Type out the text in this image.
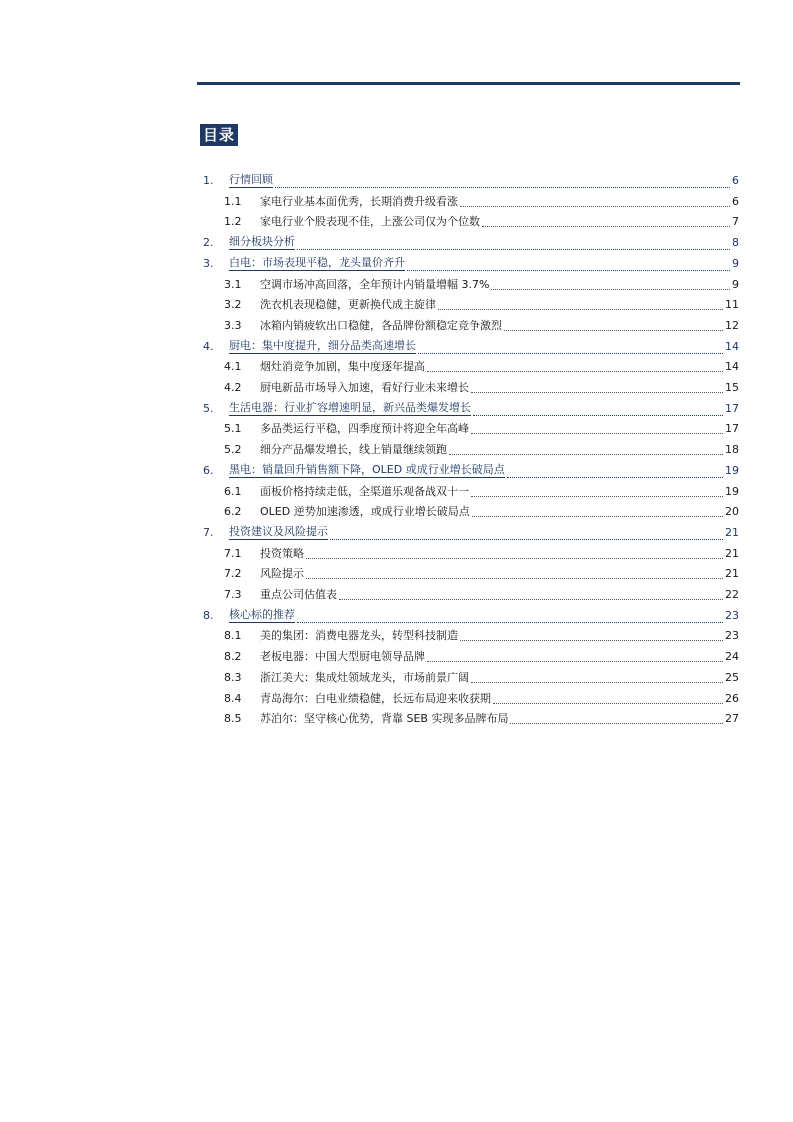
目录
1.	行情回顾	6
1.1	家电行业基本面优秀，长期消费升级看涨	6
1.2	家电行业个股表现不佳，上涨公司仅为个位数	7
2.	细分板块分析	8
3.	白电：市场表现平稳，龙头量价齐升	9
3.1	空调市场冲高回落，全年预计内销量增幅 3.7%	9
3.2	洗衣机表现稳健，更新换代成主旋律	11
3.3	冰箱内销疲软出口稳健，各品牌份额稳定竞争激烈	12
4.	厨电：集中度提升，细分品类高速增长	14
4.1	烟灶消竞争加剧，集中度逐年提高	14
4.2	厨电新品市场导入加速，看好行业未来增长	15
5.	生活电器：行业扩容增速明显，新兴品类爆发增长	17
5.1	多品类运行平稳，四季度预计将迎全年高峰	17
5.2	细分产品爆发增长，线上销量继续领跑	18
6.	黑电：销量回升销售额下降，OLED 或成行业增长破局点	19
6.1	面板价格持续走低，全渠道乐观备战双十一	19
6.2	OLED 逆势加速渗透，或成行业增长破局点	20
7.	投资建议及风险提示	21
7.1	投资策略	21
7.2	风险提示	21
7.3	重点公司估值表	22
8.	核心标的推荐	23
8.1	美的集团：消费电器龙头，转型科技制造	23
8.2	老板电器：中国大型厨电领导品牌	24
8.3	浙江美大：集成灶领域龙头，市场前景广阔	25
8.4	青岛海尔：白电业绩稳健，长远布局迎来收获期	26
8.5	苏泊尔：坚守核心优势，背靠 SEB 实现多品牌布局	27
